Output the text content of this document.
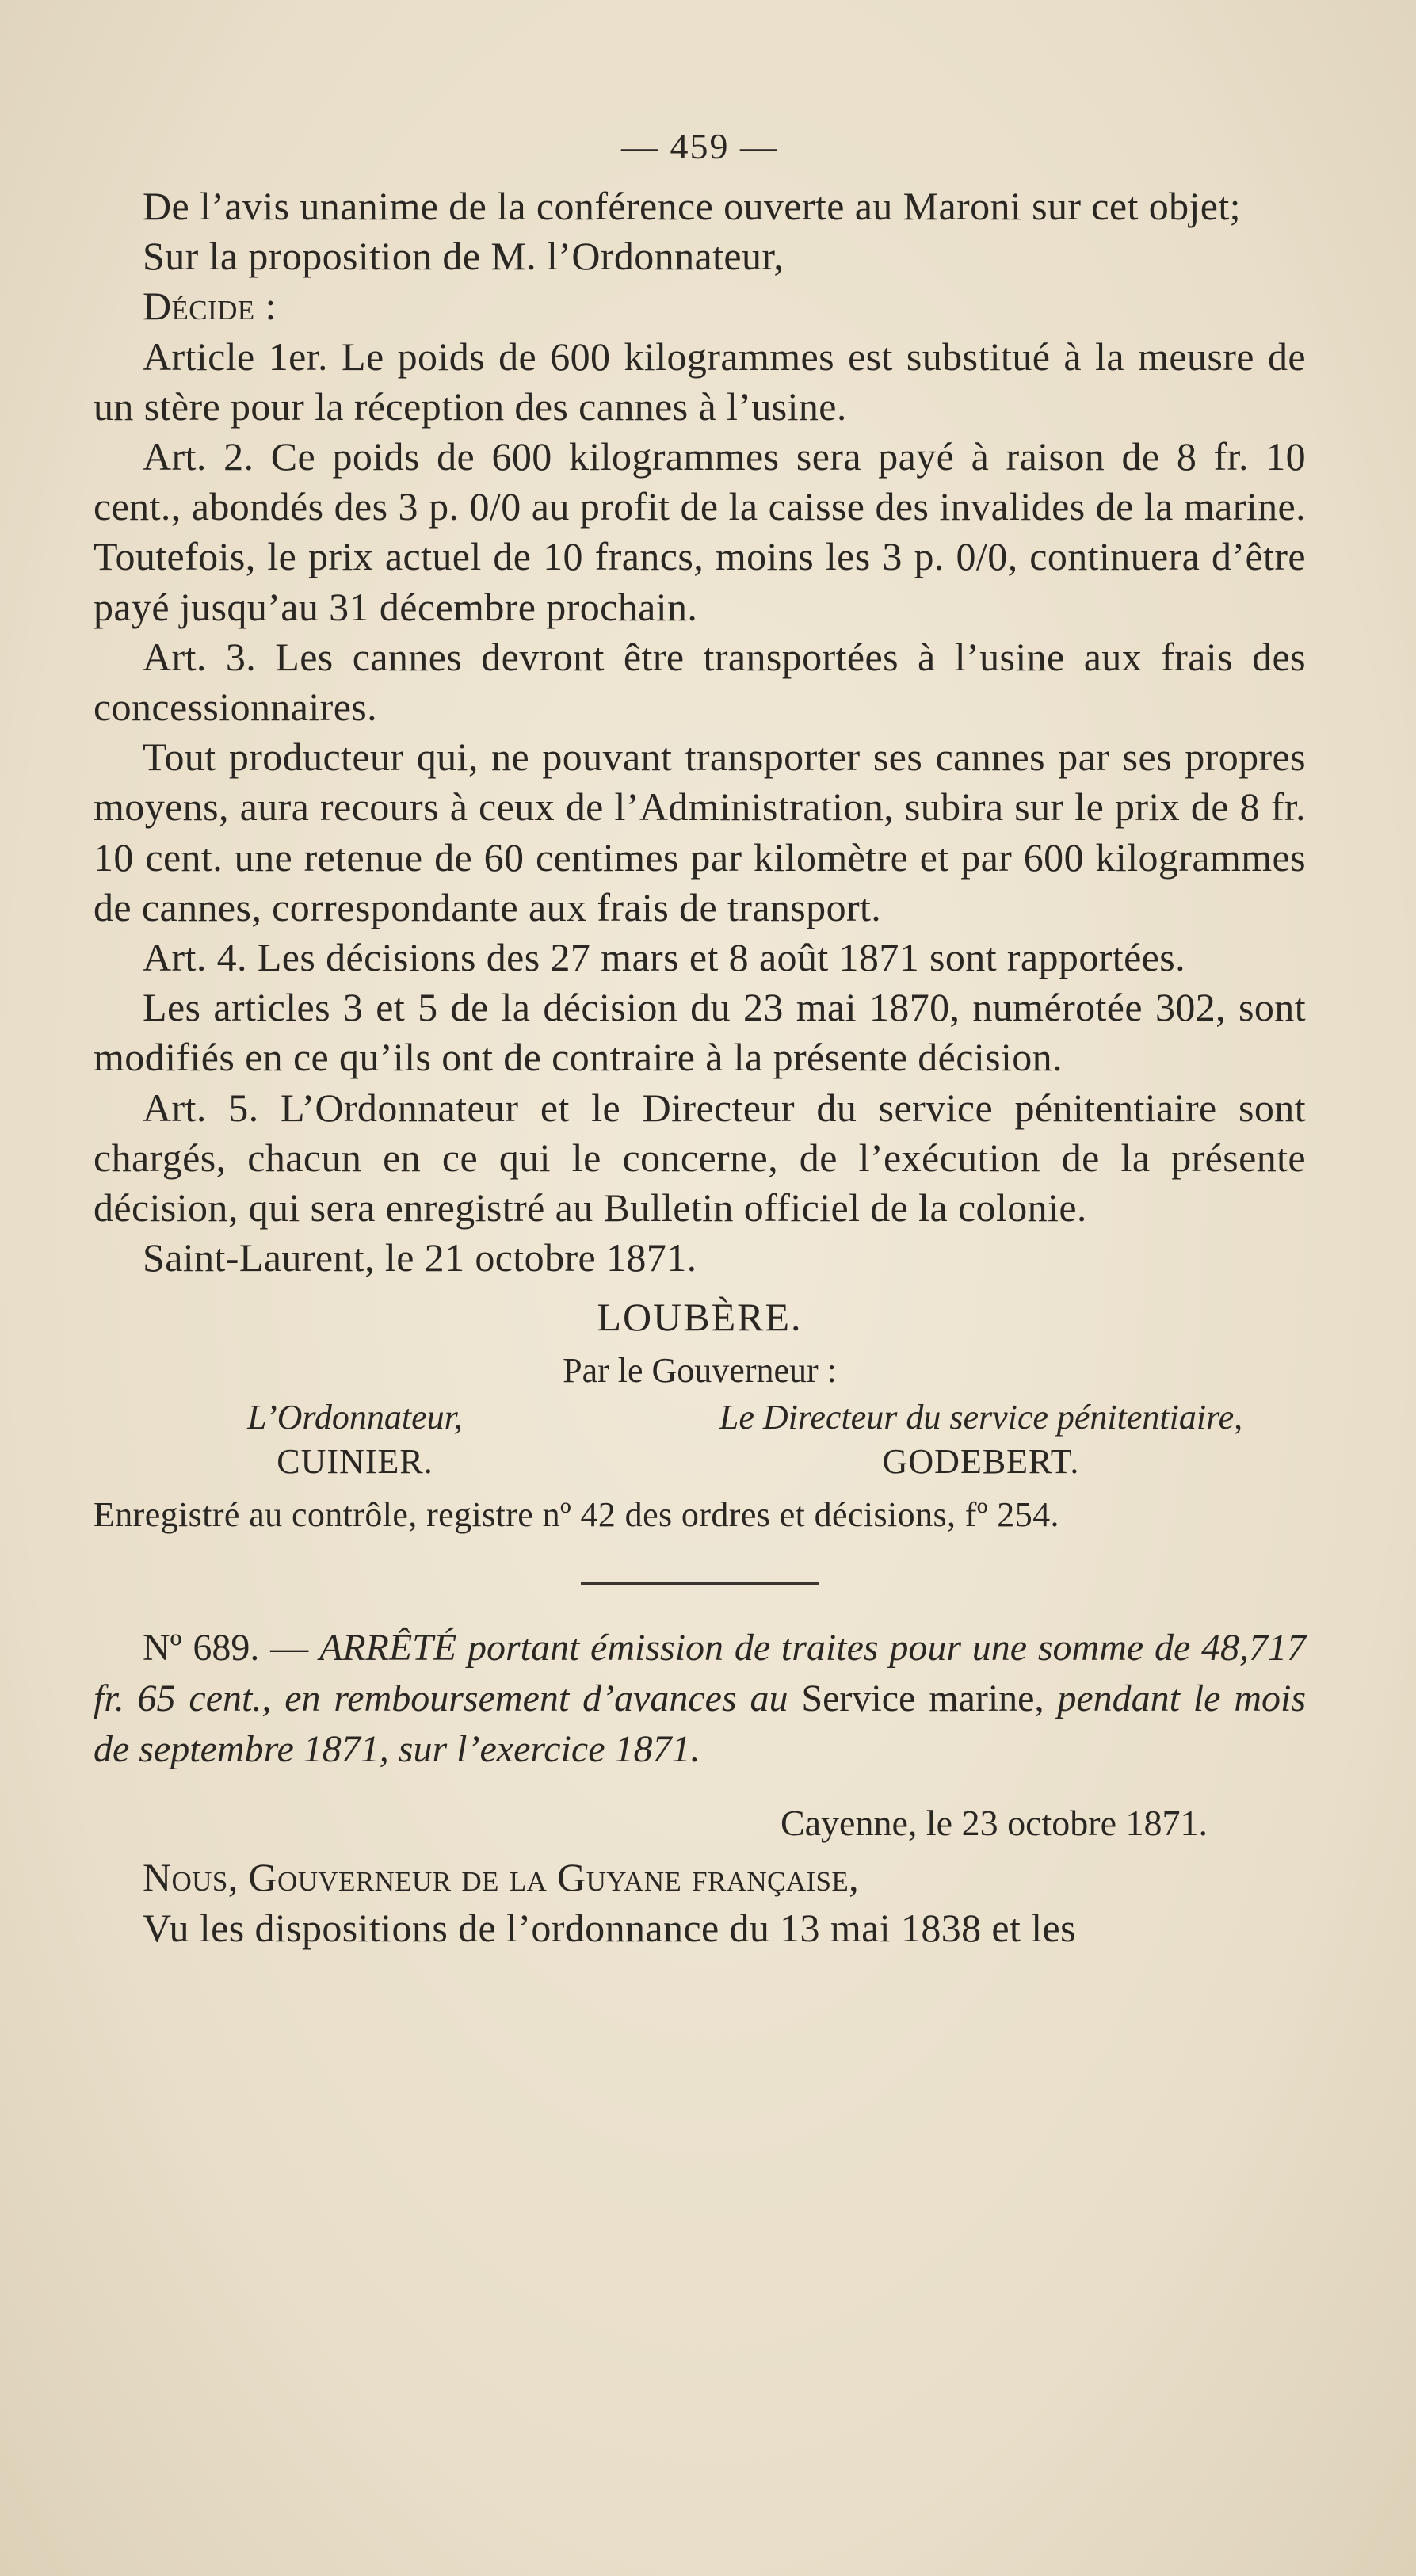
— 459 —

De l’avis unanime de la conférence ouverte au Maroni sur cet objet;

Sur la proposition de M. l’Ordonnateur,

Décide :

Article 1er. Le poids de 600 kilogrammes est substitué à la meusre de un stère pour la réception des cannes à l’usine.

Art. 2. Ce poids de 600 kilogrammes sera payé à raison de 8 fr. 10 cent., abondés des 3 p. 0/0 au profit de la caisse des invalides de la marine. Toutefois, le prix actuel de 10 francs, moins les 3 p. 0/0, continuera d’être payé jusqu’au 31 décembre prochain.

Art. 3. Les cannes devront être transportées à l’usine aux frais des concessionnaires.

Tout producteur qui, ne pouvant transporter ses cannes par ses propres moyens, aura recours à ceux de l’Administration, subira sur le prix de 8 fr. 10 cent. une retenue de 60 centimes par kilomètre et par 600 kilogrammes de cannes, correspondante aux frais de transport.

Art. 4. Les décisions des 27 mars et 8 août 1871 sont rapportées.

Les articles 3 et 5 de la décision du 23 mai 1870, numérotée 302, sont modifiés en ce qu’ils ont de contraire à la présente décision.

Art. 5. L’Ordonnateur et le Directeur du service pénitentiaire sont chargés, chacun en ce qui le concerne, de l’exécution de la présente décision, qui sera enregistré au Bulletin officiel de la colonie.

Saint-Laurent, le 21 octobre 1871.

LOUBÈRE.
Par le Gouverneur :
L’Ordonnateur,
CUINIER.
Le Directeur du service pénitentiaire,
GODEBERT.
Enregistré au contrôle, registre nº 42 des ordres et décisions, fº 254.

Nº 689. — ARRÊTÉ portant émission de traites pour une somme de 48,717 fr. 65 cent., en remboursement d’avances au Service marine, pendant le mois de septembre 1871, sur l’exercice 1871.

Cayenne, le 23 octobre 1871.

Nous, Gouverneur de la Guyane française,

Vu les dispositions de l’ordonnance du 13 mai 1838 et les
